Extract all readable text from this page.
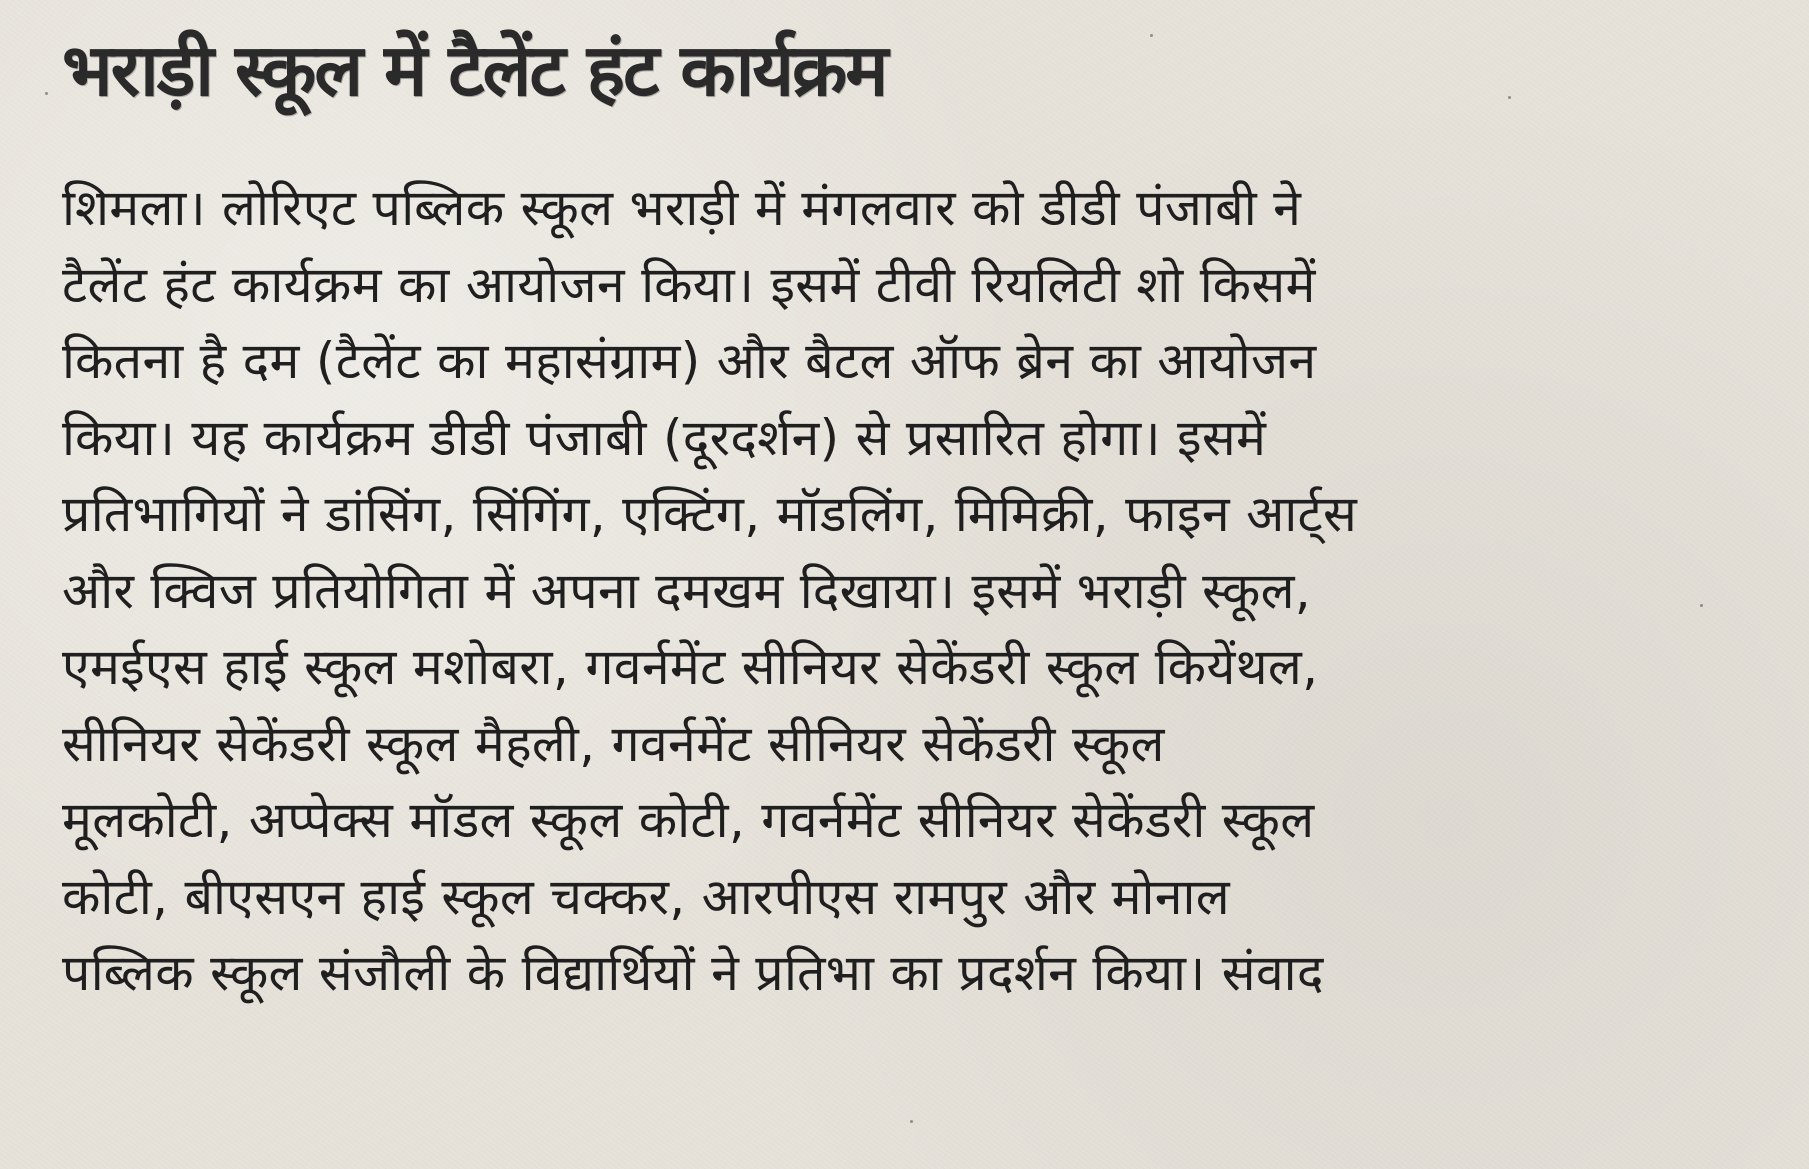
भराड़ी स्कूल में टैलेंट हंट कार्यक्रम
शिमला। लोरिएट पब्लिक स्कूल भराड़ी में मंगलवार को डीडी पंजाबी ने
टैलेंट हंट कार्यक्रम का आयोजन किया। इसमें टीवी रियलिटी शो किसमें
कितना है दम (टैलेंट का महासंग्राम) और बैटल ऑफ ब्रेन का आयोजन
किया। यह कार्यक्रम डीडी पंजाबी (दूरदर्शन) से प्रसारित होगा। इसमें
प्रतिभागियों ने डांसिंग, सिंगिंग, एक्टिंग, मॉडलिंग, मिमिक्री, फाइन आर्ट्स
और क्विज प्रतियोगिता में अपना दमखम दिखाया। इसमें भराड़ी स्कूल,
एमईएस हाई स्कूल मशोबरा, गवर्नमेंट सीनियर सेकेंडरी स्कूल कियेंथल,
सीनियर सेकेंडरी स्कूल मैहली, गवर्नमेंट सीनियर सेकेंडरी स्कूल
मूलकोटी, अप्पेक्स मॉडल स्कूल कोटी, गवर्नमेंट सीनियर सेकेंडरी स्कूल
कोटी, बीएसएन हाई स्कूल चक्कर, आरपीएस रामपुर और मोनाल
पब्लिक स्कूल संजौली के विद्यार्थियों ने प्रतिभा का प्रदर्शन किया। संवाद
